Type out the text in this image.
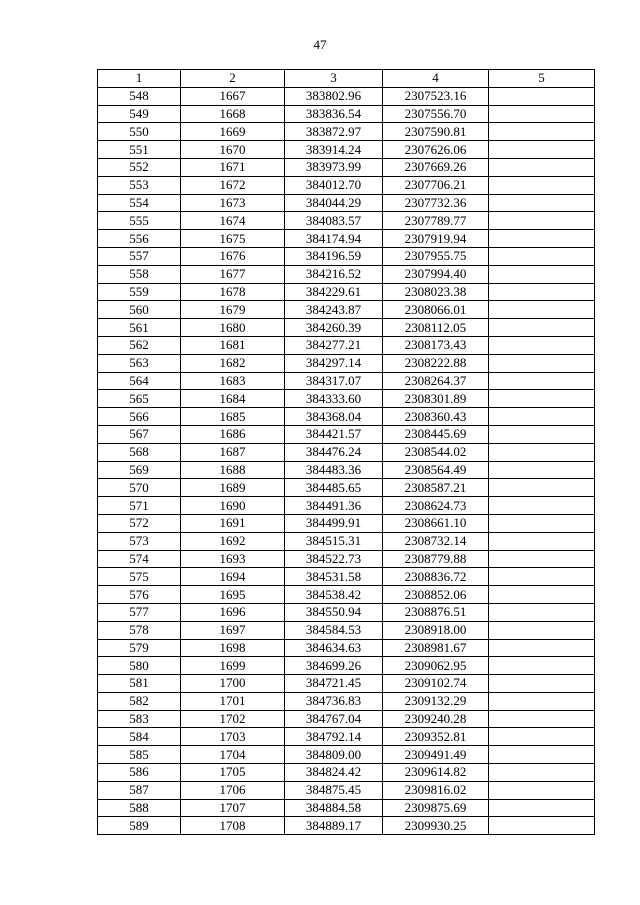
47
1	2	3	4	5
548	1667	383802.96	2307523.16	
549	1668	383836.54	2307556.70	
550	1669	383872.97	2307590.81	
551	1670	383914.24	2307626.06	
552	1671	383973.99	2307669.26	
553	1672	384012.70	2307706.21	
554	1673	384044.29	2307732.36	
555	1674	384083.57	2307789.77	
556	1675	384174.94	2307919.94	
557	1676	384196.59	2307955.75	
558	1677	384216.52	2307994.40	
559	1678	384229.61	2308023.38	
560	1679	384243.87	2308066.01	
561	1680	384260.39	2308112.05	
562	1681	384277.21	2308173.43	
563	1682	384297.14	2308222.88	
564	1683	384317.07	2308264.37	
565	1684	384333.60	2308301.89	
566	1685	384368.04	2308360.43	
567	1686	384421.57	2308445.69	
568	1687	384476.24	2308544.02	
569	1688	384483.36	2308564.49	
570	1689	384485.65	2308587.21	
571	1690	384491.36	2308624.73	
572	1691	384499.91	2308661.10	
573	1692	384515.31	2308732.14	
574	1693	384522.73	2308779.88	
575	1694	384531.58	2308836.72	
576	1695	384538.42	2308852.06	
577	1696	384550.94	2308876.51	
578	1697	384584.53	2308918.00	
579	1698	384634.63	2308981.67	
580	1699	384699.26	2309062.95	
581	1700	384721.45	2309102.74	
582	1701	384736.83	2309132.29	
583	1702	384767.04	2309240.28	
584	1703	384792.14	2309352.81	
585	1704	384809.00	2309491.49	
586	1705	384824.42	2309614.82	
587	1706	384875.45	2309816.02	
588	1707	384884.58	2309875.69	
589	1708	384889.17	2309930.25	
